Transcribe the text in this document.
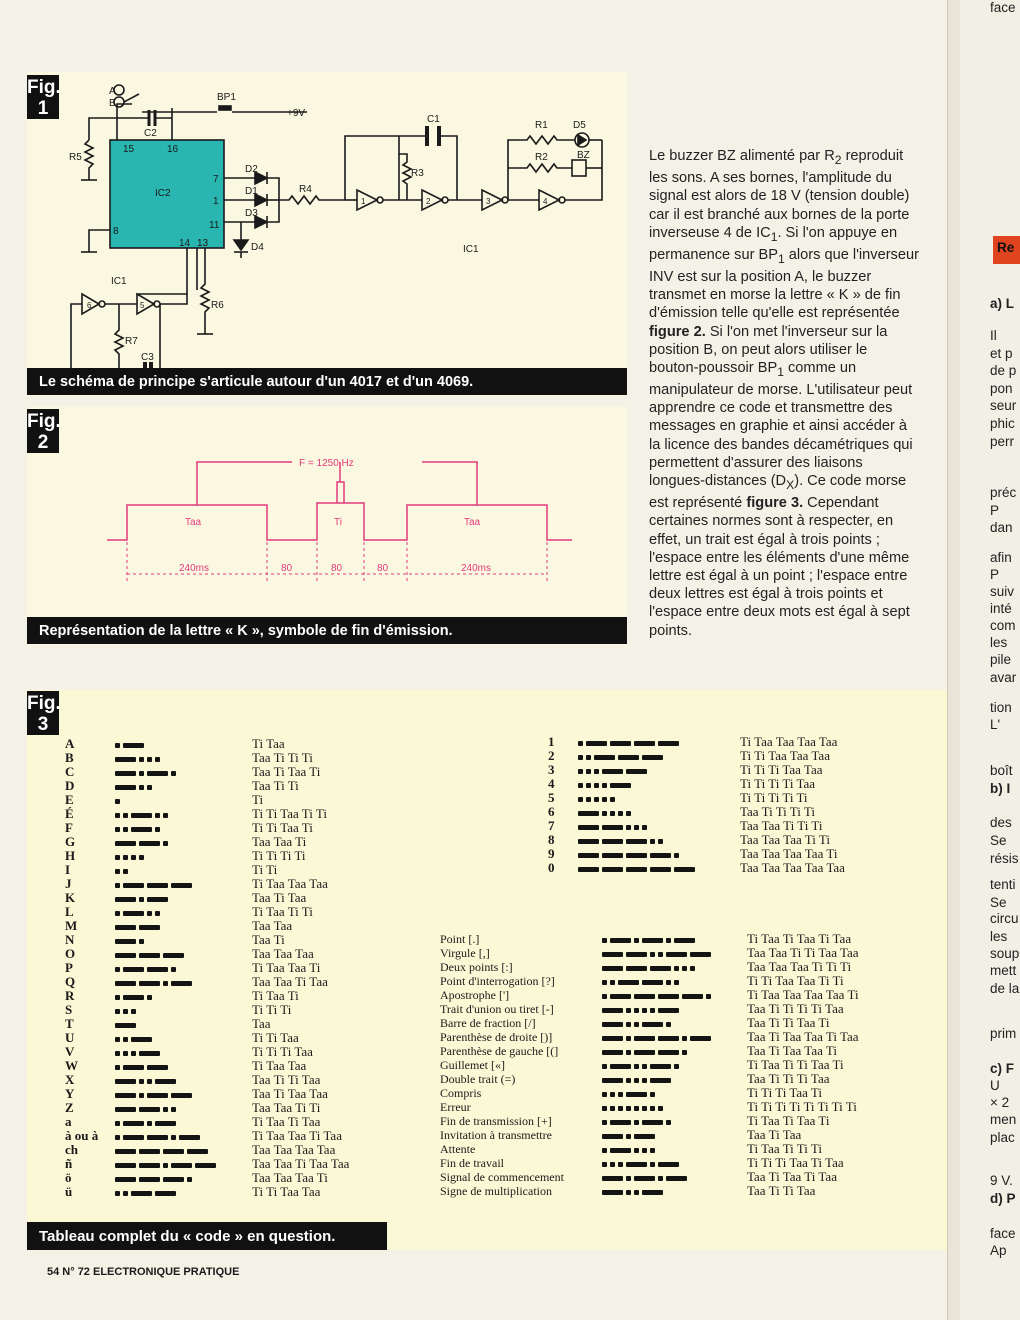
Fig.
1
A
B
BP1
+9V
C2
R5
IC2
15	16
7
1
11
8
14 13
D2
D1
D3
D4
R4
R6
R7
C3
IC1
IC1
C1
R3
R1	D5
R2	BZ
6	5
1	2	3	4
Le schéma de principe s'articule autour d'un 4017 et d'un 4069.
Fig.
2
F = 1250 Hz
Taa	Ti	Taa
240ms	80	80	80	240ms
Représentation de la lettre « K », symbole de fin d'émission.

Le buzzer BZ alimenté par $R_2$ reproduit les sons. A ses bornes, l'amplitude du signal est alors de 18 V (tension double) car il est branché aux bornes de la porte inverseuse 4 de $IC_1$. Si l'on appuye en permanence sur $BP_1$ alors que l'inverseur INV est sur la position A, le buzzer transmet en morse la lettre « K » de fin d'émission telle qu'elle est représentée figure 2. Si l'on met l'inverseur sur la position B, on peut alors utiliser le bouton-poussoir $BP_1$ comme un manipulateur de morse. L'utilisateur peut apprendre ce code et transmettre des messages en graphie et ainsi accéder à la licence des bandes décamétriques qui permettent d'assurer des liaisons longues-distances $(D_X)$. Ce code morse est représenté figure 3. Cependant certaines normes sont à respecter, en effet, un trait est égal à trois points ; l'espace entre les éléments d'une même lettre est égal à un point ; l'espace entre deux lettres est égal à trois points et l'espace entre deux mots est égal à sept points.

Fig.
3
A		Ti Taa
B		Taa Ti Ti Ti
C		Taa Ti Taa Ti
D		Taa Ti Ti
E		Ti
É		Ti Ti Taa Ti Ti
F		Ti Ti Taa Ti
G		Taa Taa Ti
H		Ti Ti Ti Ti
I		Ti Ti
J		Ti Taa Taa Taa
K		Taa Ti Taa
L		Ti Taa Ti Ti
M		Taa Taa
N		Taa Ti
O		Taa Taa Taa
P		Ti Taa Taa Ti
Q		Taa Taa Ti Taa
R		Ti Taa Ti
S		Ti Ti Ti
T		Taa
U		Ti Ti Taa
V		Ti Ti Ti Taa
W		Ti Taa Taa
X		Taa Ti Ti Taa
Y		Taa Ti Taa Taa
Z		Taa Taa Ti Ti
a		Ti Taa Ti Taa
à ou à		Ti Taa Taa Ti Taa
ch		Taa Taa Taa Taa
ñ		Taa Taa Ti Taa Taa
ö		Taa Taa Taa Ti
ü		Ti Ti Taa Taa
1		Ti Taa Taa Taa Taa
2		Ti Ti Taa Taa Taa
3		Ti Ti Ti Taa Taa
4		Ti Ti Ti Ti Taa
5		Ti Ti Ti Ti Ti
6		Taa Ti Ti Ti Ti
7		Taa Taa Ti Ti Ti
8		Taa Taa Taa Ti Ti
9		Taa Taa Taa Taa Ti
0		Taa Taa Taa Taa Taa
Point [.]		Ti Taa Ti Taa Ti Taa
Virgule [,]		Taa Taa Ti Ti Taa Taa
Deux points [:]		Taa Taa Taa Ti Ti Ti
Point d'interrogation [?]		Ti Ti Taa Taa Ti Ti
Apostrophe [']		Ti Taa Taa Taa Taa Ti
Trait d'union ou tiret [-]		Taa Ti Ti Ti Ti Taa
Barre de fraction [/]		Taa Ti Ti Taa Ti
Parenthèse de droite [)]		Taa Ti Taa Taa Ti Taa
Parenthèse de gauche [(]		Taa Ti Taa Taa Ti
Guillemet [«]		Ti Taa Ti Ti Taa Ti
Double trait (=)		Taa Ti Ti Ti Taa
Compris		Ti Ti Ti Taa Ti
Erreur		Ti Ti Ti Ti Ti Ti Ti Ti
Fin de transmission [+]		Ti Taa Ti Taa Ti
Invitation à transmettre		Taa Ti Taa
Attente		Ti Taa Ti Ti Ti
Fin de travail		Ti Ti Ti Taa Ti Taa
Signal de commencement		Taa Ti Taa Ti Taa
Signe de multiplication		Taa Ti Ti Taa
Tableau complet du « code » en question.
54 N° 72 ELECTRONIQUE PRATIQUE
Re
a) L
Il
et p
de p
pon
seur
phic
perr
préc
P
dan
afin
P
suiv
inté
com
les
pile
avar
tion
L'
boît
b) I
des
Se
résis
tenti
Se
circu
les
soup
mett
de la
prim
c) F
U
× 2
men
plac
9 V.
d) P
face
Ap
face
